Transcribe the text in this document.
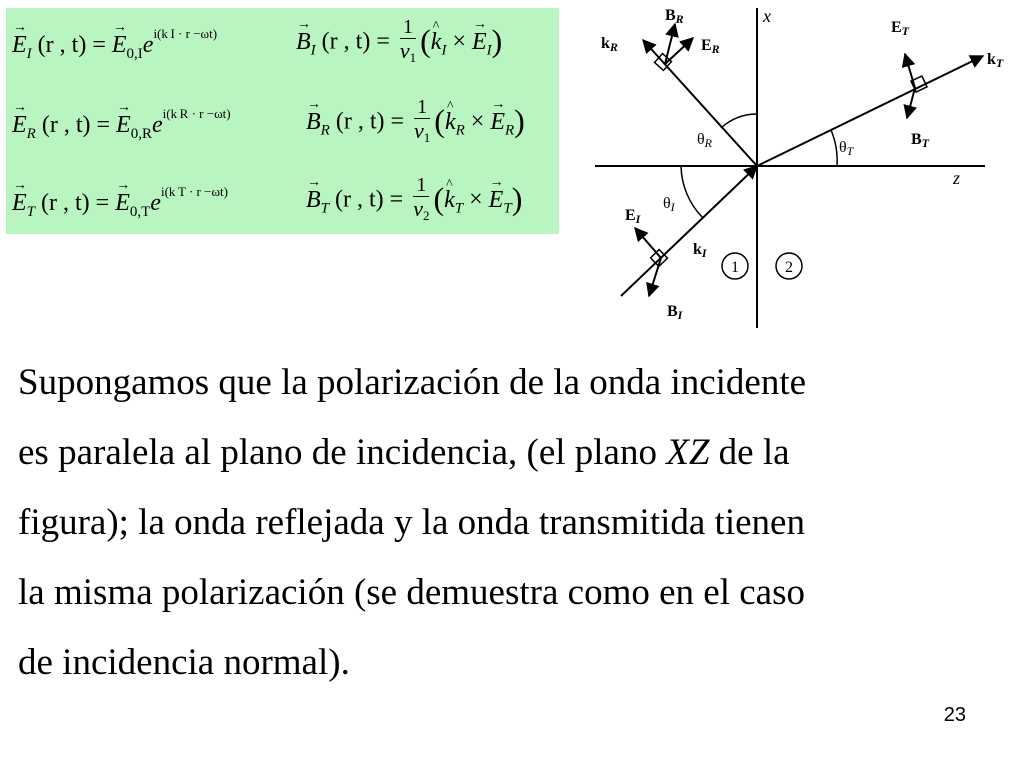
→ $E_I$ (r , t) = → $E_{0,I}e^{i(k I \cdot r -\omega t)}$	→ $B_I$ (r , $t) = \frac{1}{v1}$ (^ $k_I$ × → $E_I$)
→ $E_R$ (r , t) = → $E_{0,R}e^{i(k R \cdot r -\omega t)}$	→ $B_R$ (r , $t) = \frac{1}{v1}$ (^ $k_R$ × → $E_R$)
→ $E_T$ (r , t) = → $E_{0,T}e^{i(k T \cdot r -\omega t)}$	→ $B_T$ (r , $t) = \frac{1}{v2}$ (^ $k_T$ × → $E_T$)
x
z
BR
kR	ER
ET
kT
BT
θR	θT
θI
EI
kI
BI
1	2

Supongamos que la polarización de la onda incidente
es paralela al plano de incidencia, (el plano XZ de la
figura); la onda reflejada y la onda transmitida tienen
la misma polarización (se demuestra como en el caso
de incidencia normal).

23
